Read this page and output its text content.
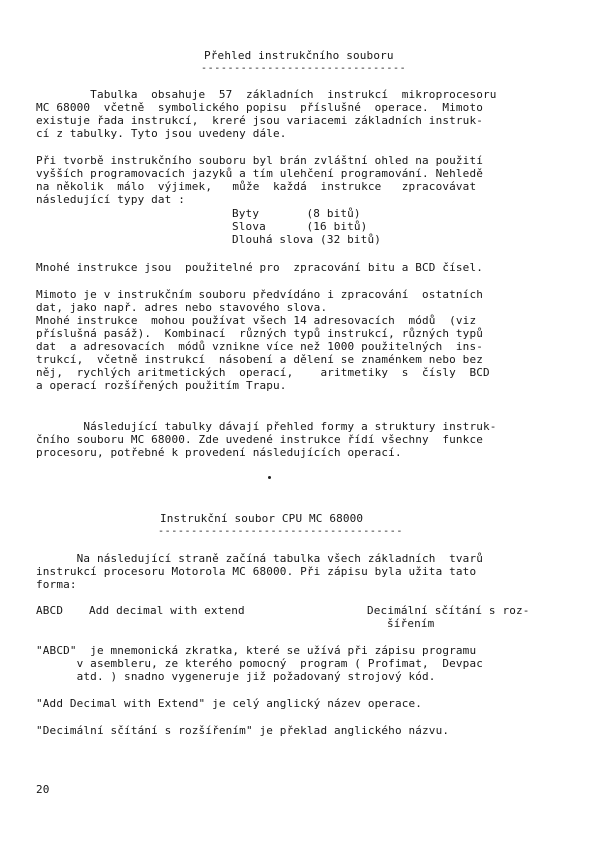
Přehled instrukčního souboru
-------------------------------
Tabulka  obsahuje  57  základních  instrukcí  mikroprocesoru
MC 68000  včetně  symbolického popisu  příslušné  operace.  Mimoto
existuje řada instrukcí,  kreré jsou variacemi základních instruk-
cí z tabulky. Tyto jsou uvedeny dále.
Při tvorbě instrukčního souboru byl brán zvláštní ohled na použití
vyšších programovacích jazyků a tím ulehčení programování. Nehledě
na několik  málo  výjimek,   může  každá  instrukce   zpracovávat
následující typy dat :
Byty       (8 bitů)
Slova      (16 bitů)
Dlouhá slova (32 bitů)
Mnohé instrukce jsou  použitelné pro  zpracování bitu a BCD čísel.
Mimoto je v instrukčním souboru předvídáno i zpracování  ostatních
dat, jako např. adres nebo stavového slova.
Mnohé instrukce  mohou používat všech 14 adresovacích  módů  (viz
příslušná pasáž).  Kombinací  různých typů instrukcí, různých typů
dat  a adresovacích  módů vznikne více než 1000 použitelných  ins-
trukcí,  včetně instrukcí  násobení a dělení se znaménkem nebo bez
něj,  rychlých aritmetických  operací,    aritmetiky  s  čísly  BCD
a operací rozšířených použitím Trapu.
Následující tabulky dávají přehled formy a struktury instruk-
čního souboru MC 68000. Zde uvedené instrukce řídí všechny  funkce
procesoru, potřebné k provedení následujících operací.
Instrukční soubor CPU MC 68000
-------------------------------------
Na následující straně začíná tabulka všech základních  tvarů
instrukcí procesoru Motorola MC 68000. Při zápisu byla užita tato
forma:
ABCD Add decimal with extend	Decimální sčítání s roz-
šířením
"ABCD"  je mnemonická zkratka, které se užívá při zápisu programu
v asembleru, ze kterého pomocný  program ( Profimat,  Devpac
atd. ) snadno vygeneruje již požadovaný strojový kód.
"Add Decimal with Extend" je celý anglický název operace.
"Decimální sčítání s rozšířením" je překlad anglického názvu.
20
